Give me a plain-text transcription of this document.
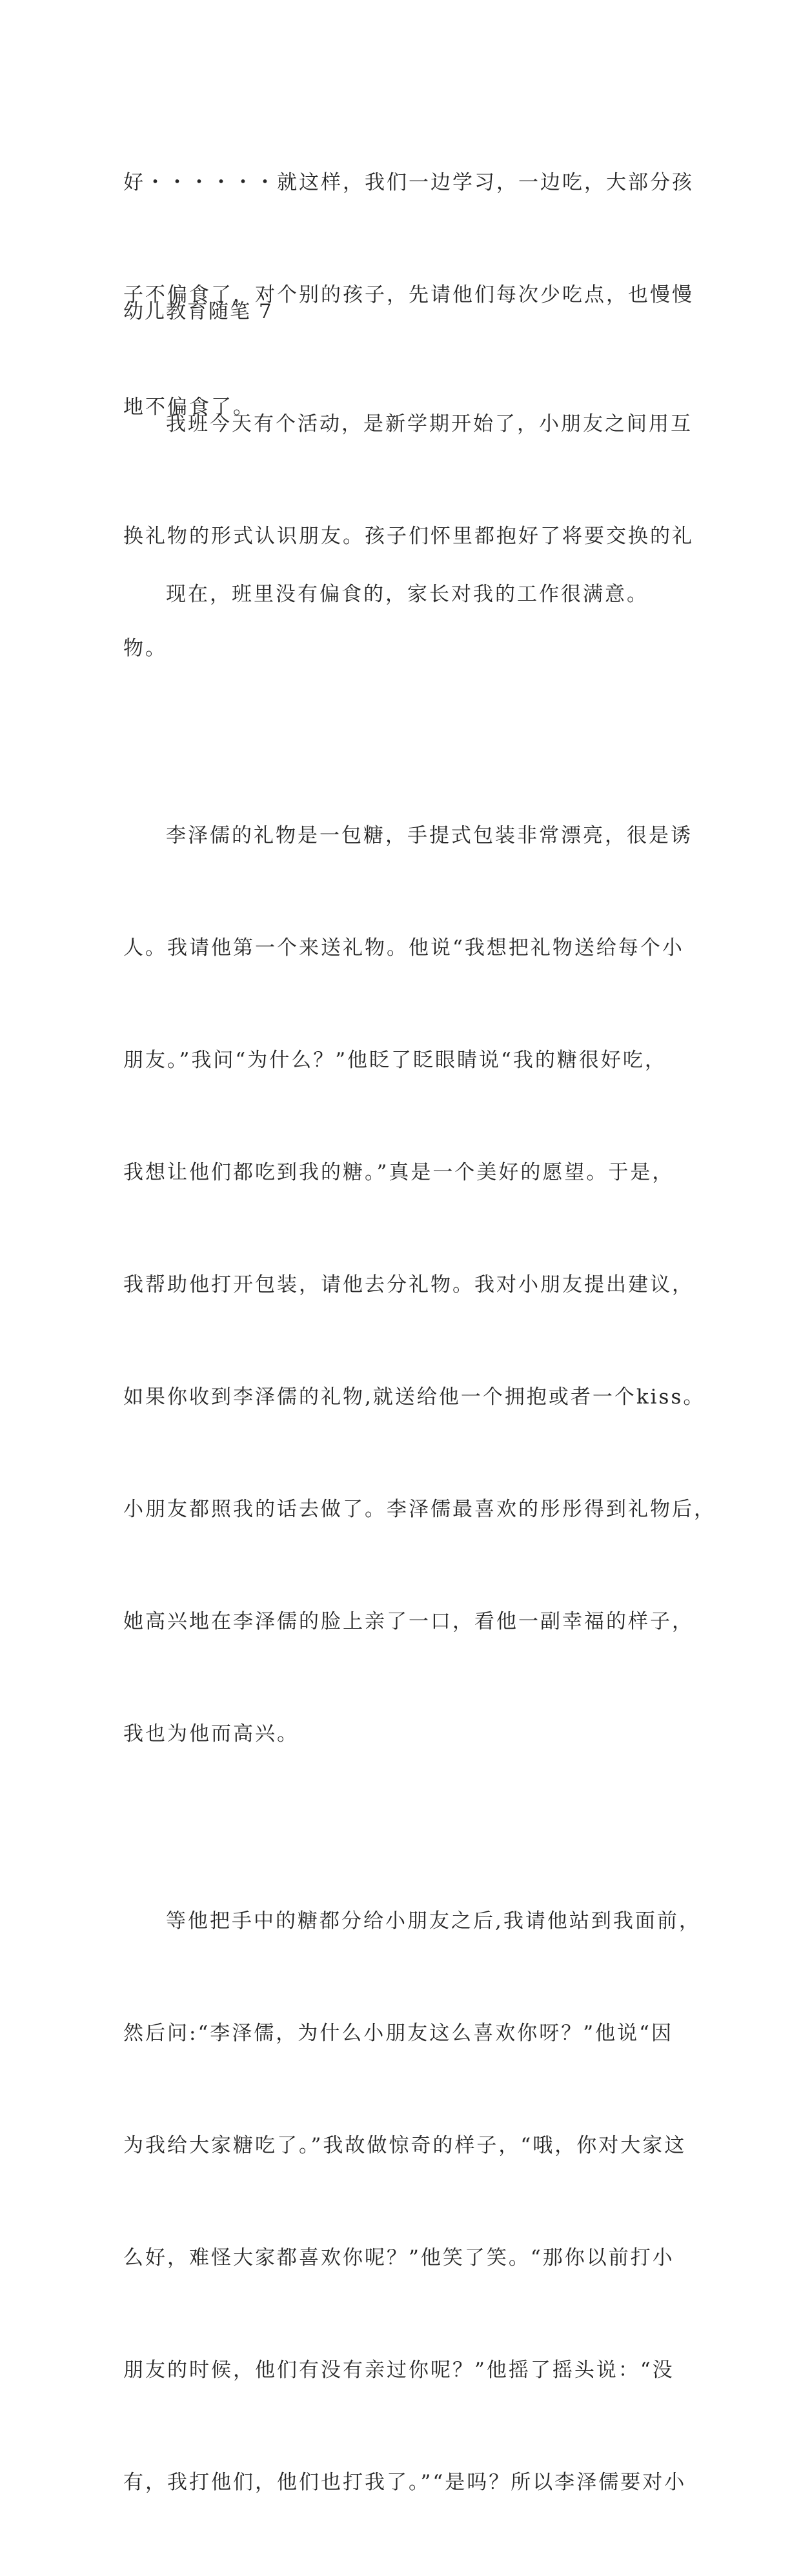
好・・・・・・就这样，我们一边学习，一边吃，大部分孩

子不偏食了，对个别的孩子，先请他们每次少吃点，也慢慢

地不偏食了。

现在，班里没有偏食的，家长对我的工作很满意。

幼儿教育随笔 7

我班今天有个活动，是新学期开始了，小朋友之间用互

换礼物的形式认识朋友。孩子们怀里都抱好了将要交换的礼

物。

李泽儒的礼物是一包糖，手提式包装非常漂亮，很是诱

人。我请他第一个来送礼物。他说“我想把礼物送给每个小

朋友。”我问“为什么？”他眨了眨眼睛说“我的糖很好吃，

我想让他们都吃到我的糖。”真是一个美好的愿望。于是，

我帮助他打开包装，请他去分礼物。我对小朋友提出建议，

如果你收到李泽儒的礼物,就送给他一个拥抱或者一个kiss。

小朋友都照我的话去做了。李泽儒最喜欢的彤彤得到礼物后，

她高兴地在李泽儒的脸上亲了一口，看他一副幸福的样子，

我也为他而高兴。

等他把手中的糖都分给小朋友之后,我请他站到我面前，

然后问:“李泽儒，为什么小朋友这么喜欢你呀？”他说“因

为我给大家糖吃了。”我故做惊奇的样子，“哦，你对大家这

么好，难怪大家都喜欢你呢？”他笑了笑。“那你以前打小

朋友的时候，他们有没有亲过你呢？”他摇了摇头说：“没

有，我打他们，他们也打我了。”“是吗？所以李泽儒要对小
